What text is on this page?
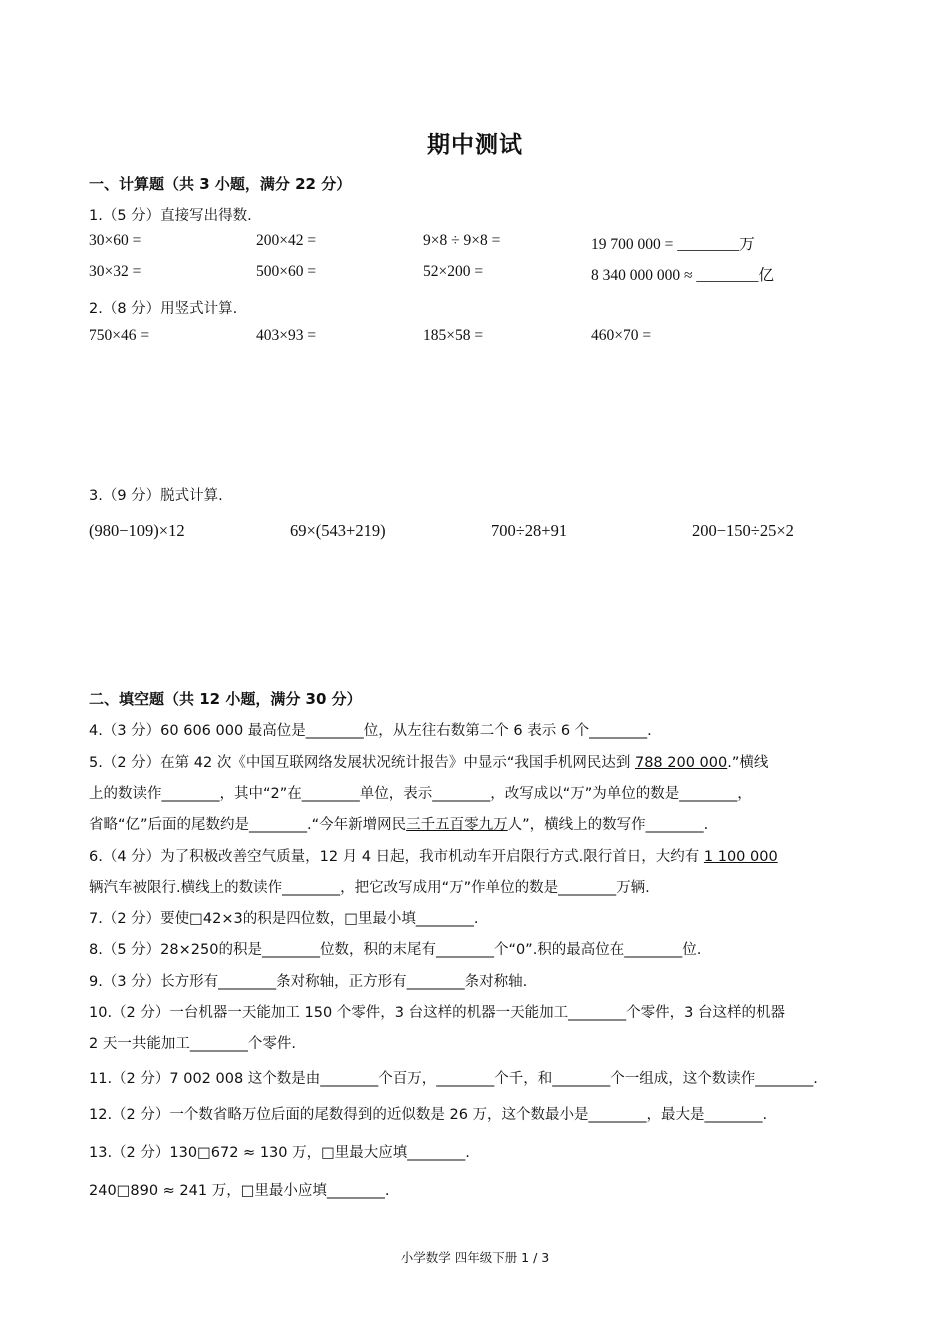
期中测试
一、计算题（共 3 小题，满分 22 分）
1.（5 分）直接写出得数.
30×60 =	200×42 =	9×8 ÷ 9×8 =	19 700 000 = ________万
30×32 =	500×60 =	52×200 =	8 340 000 000 ≈ ________亿
2.（8 分）用竖式计算.
750×46 =	403×93 =	185×58 =	460×70 =
3.（9 分）脱式计算.
(980−109)×12	69×(543+219)	700÷28+91	200−150÷25×2
二、填空题（共 12 小题，满分 30 分）
4.（3 分）60 606 000 最高位是________位，从左往右数第二个 6 表示 6 个________.
5.（2 分）在第 42 次《中国互联网络发展状况统计报告》中显示“我国手机网民达到 788 200 000.”横线
上的数读作________，其中“2”在________单位，表示________，改写成以“万”为单位的数是________，
省略“亿”后面的尾数约是________.“今年新增网民三千五百零九万人”，横线上的数写作________.
6.（4 分）为了积极改善空气质量，12 月 4 日起，我市机动车开启限行方式.限行首日，大约有 1 100 000
辆汽车被限行.横线上的数读作________，把它改写成用“万”作单位的数是________万辆.
7.（2 分）要使□42×3的积是四位数，□里最小填________.
8.（5 分）28×250的积是________位数，积的末尾有________个“0”.积的最高位在________位.
9.（3 分）长方形有________条对称轴，正方形有________条对称轴.
10.（2 分）一台机器一天能加工 150 个零件，3 台这样的机器一天能加工________个零件，3 台这样的机器
2 天一共能加工________个零件.
11.（2 分）7 002 008 这个数是由________个百万，________个千，和________个一组成，这个数读作________.
12.（2 分）一个数省略万位后面的尾数得到的近似数是 26 万，这个数最小是________，最大是________.
13.（2 分）130□672 ≈ 130 万，□里最大应填________.
240□890 ≈ 241 万，□里最小应填________.
小学数学 四年级下册 1 / 3
